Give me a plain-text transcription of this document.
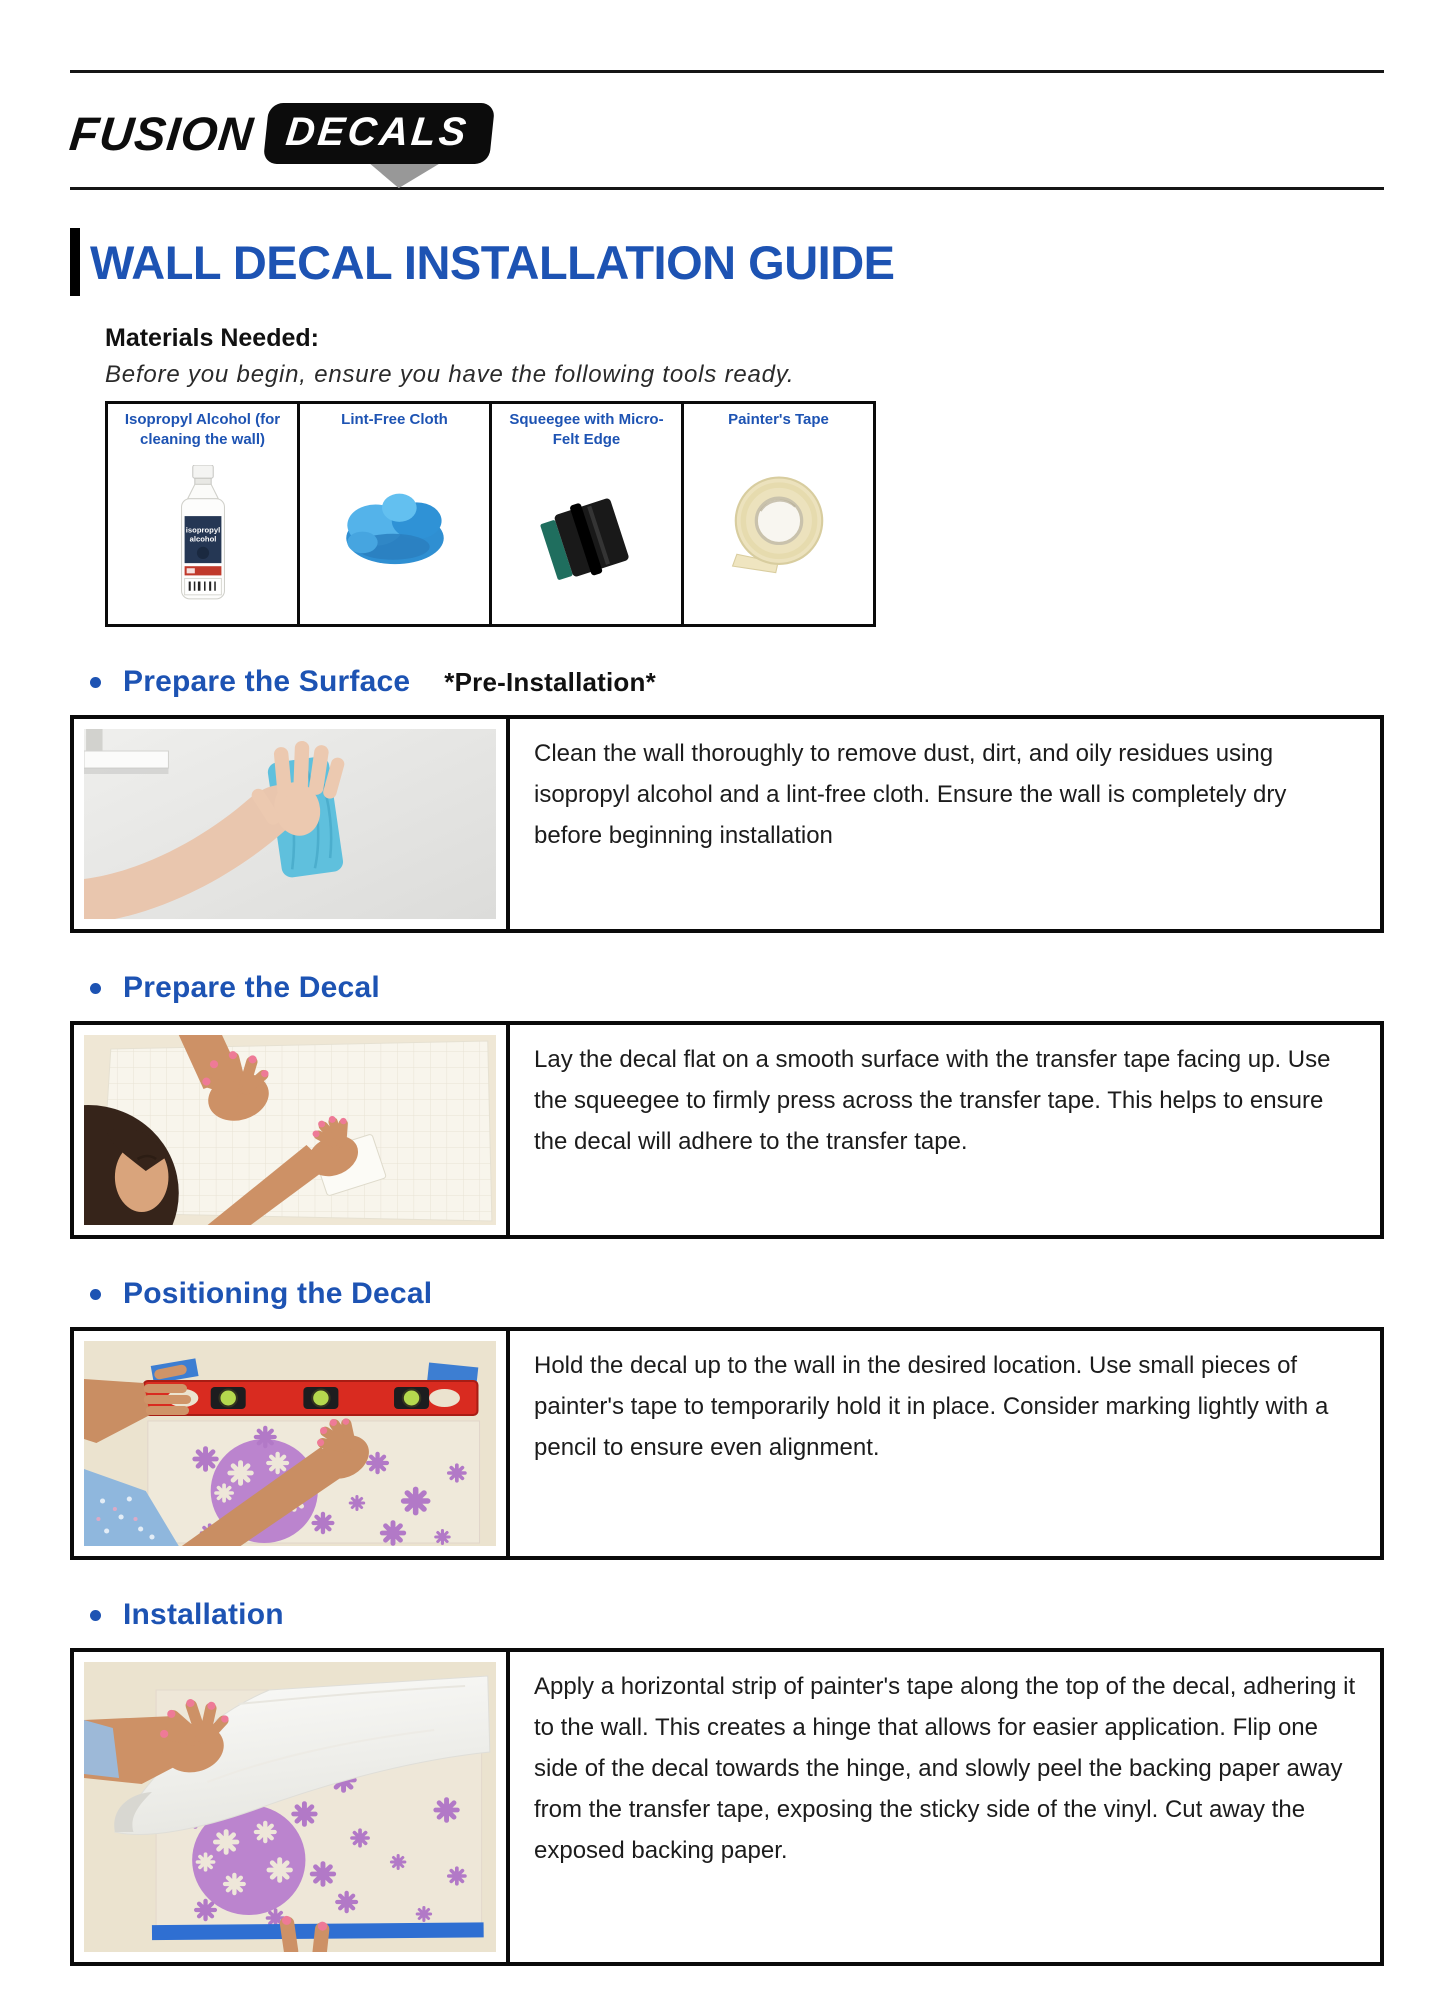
FUSION DECALS
WALL DECAL INSTALLATION GUIDE
Materials Needed:
Before you begin, ensure you have the following tools ready.
Isopropyl Alcohol (for cleaning the wall)
isopropyl
alcohol

Lint-Free Cloth	Squeegee with Micro-Felt Edge

Painter's Tape
Prepare the Surface *Pre-Installation*

Clean the wall thoroughly to remove dust, dirt, and oily residues using isopropyl alcohol and a lint-free cloth. Ensure the wall is completely dry before beginning installation

Prepare the Decal

Lay the decal flat on a smooth surface with the transfer tape facing up. Use the squeegee to firmly press across the transfer tape. This helps to ensure the decal will adhere to the transfer tape.

Positioning the Decal

Hold the decal up to the wall in the desired location. Use small pieces of painter's tape to temporarily hold it in place. Consider marking lightly with a pencil to ensure even alignment.

Installation

Apply a horizontal strip of painter's tape along the top of the decal, adhering it to the wall. This creates a hinge that allows for easier application. Flip one side of the decal towards the hinge, and slowly peel the backing paper away from the transfer tape, exposing the sticky side of the vinyl. Cut away the exposed backing paper.
